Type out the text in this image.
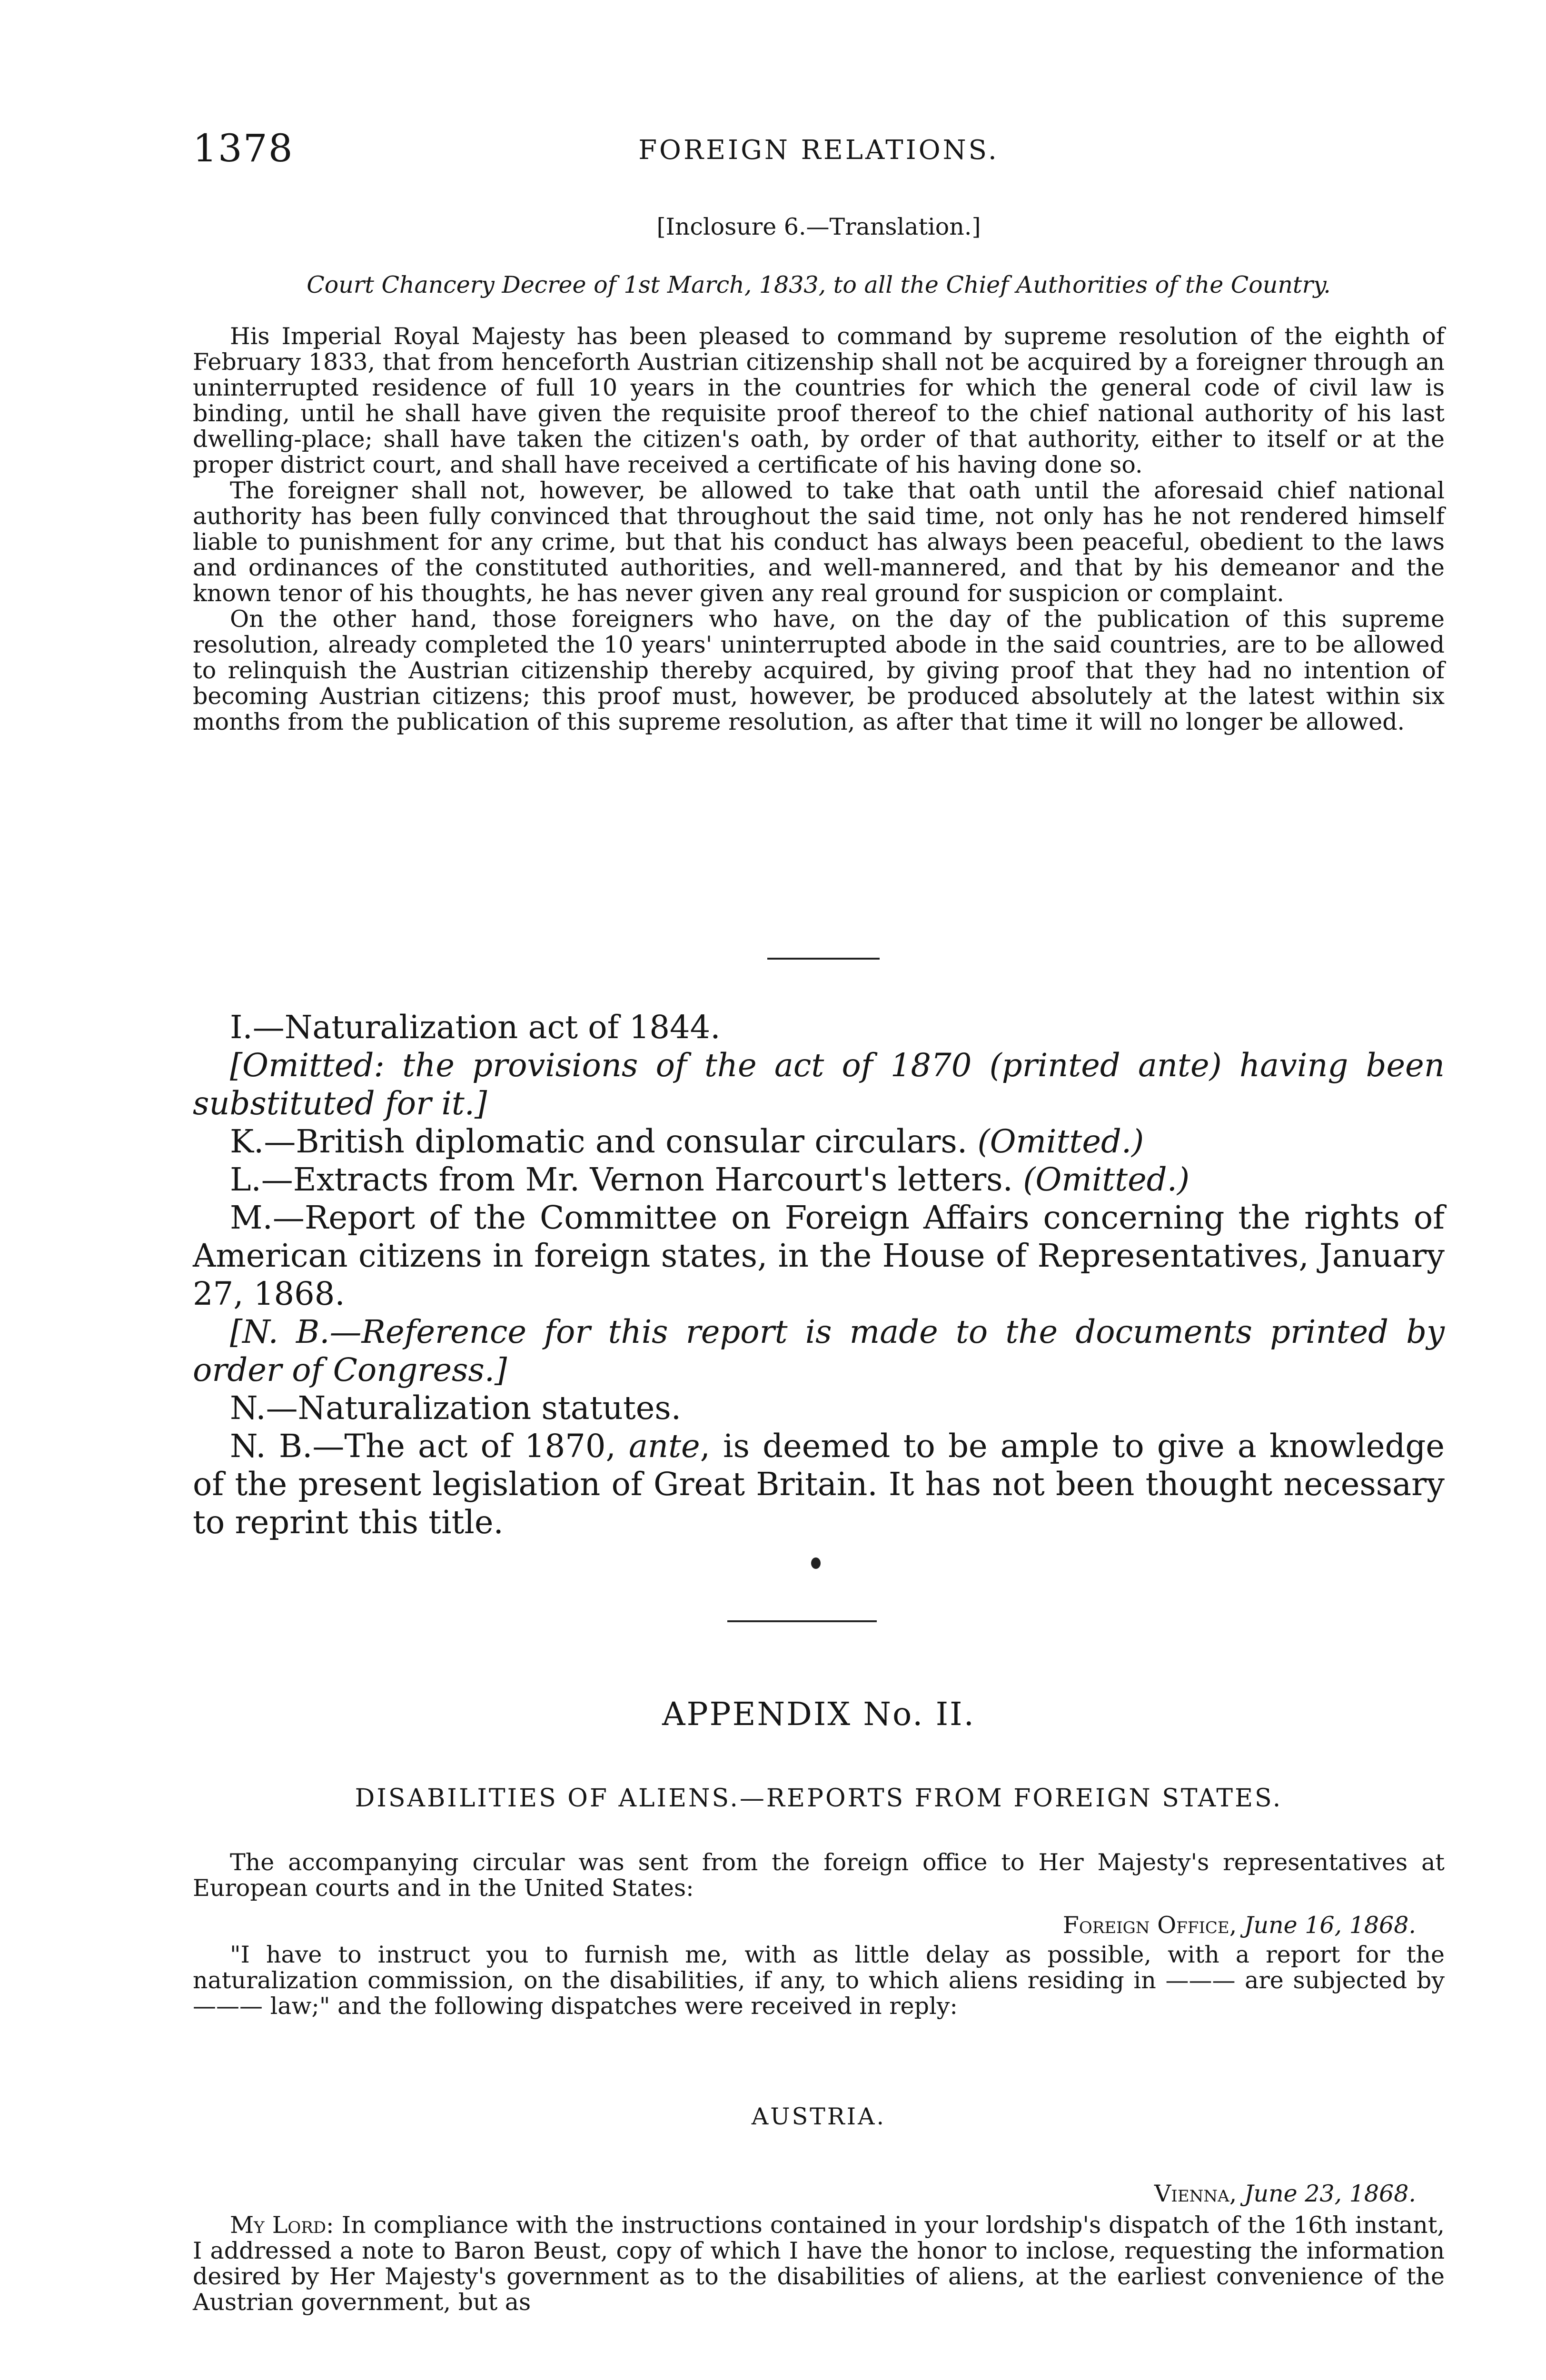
1378	FOREIGN RELATIONS.

[Inclosure 6.—Translation.]

Court Chancery Decree of 1st March, 1833, to all the Chief Authorities of the Country.

His Imperial Royal Majesty has been pleased to command by supreme resolution of the eighth of February 1833, that from henceforth Austrian citizenship shall not be acquired by a foreigner through an uninterrupted residence of full 10 years in the countries for which the general code of civil law is binding, until he shall have given the requisite proof thereof to the chief national authority of his last dwelling-place; shall have taken the citizen's oath, by order of that authority, either to itself or at the proper district court, and shall have received a certificate of his having done so.

The foreigner shall not, however, be allowed to take that oath until the aforesaid chief national authority has been fully convinced that throughout the said time, not only has he not rendered himself liable to punishment for any crime, but that his conduct has always been peaceful, obedient to the laws and ordinances of the constituted authorities, and well-mannered, and that by his demeanor and the known tenor of his thoughts, he has never given any real ground for suspicion or complaint.

On the other hand, those foreigners who have, on the day of the publication of this supreme resolution, already completed the 10 years' uninterrupted abode in the said countries, are to be allowed to relinquish the Austrian citizenship thereby acquired, by giving proof that they had no intention of becoming Austrian citizens; this proof must, however, be produced absolutely at the latest within six months from the publication of this supreme resolution, as after that time it will no longer be allowed.

I.—Naturalization act of 1844.

[Omitted: the provisions of the act of 1870 (printed ante) having been substituted for it.]

K.—British diplomatic and consular circulars. (Omitted.)

L.—Extracts from Mr. Vernon Harcourt's letters. (Omitted.)

M.—Report of the Committee on Foreign Affairs concerning the rights of American citizens in foreign states, in the House of Representatives, January 27, 1868.

[N. B.—Reference for this report is made to the documents printed by order of Congress.]

N.—Naturalization statutes.

N. B.—The act of 1870, ante, is deemed to be ample to give a knowledge of the present legislation of Great Britain. It has not been thought necessary to reprint this title.

APPENDIX No. II.

DISABILITIES OF ALIENS.—REPORTS FROM FOREIGN STATES.

The accompanying circular was sent from the foreign office to Her Majesty's representatives at European courts and in the United States:

Foreign Office, June 16, 1868.

"I have to instruct you to furnish me, with as little delay as possible, with a report for the naturalization commission, on the disabilities, if any, to which aliens residing in ——— are subjected by ——— law;" and the following dispatches were received in reply:

AUSTRIA.

Vienna, June 23, 1868.

My Lord: In compliance with the instructions contained in your lordship's dispatch of the 16th instant, I addressed a note to Baron Beust, copy of which I have the honor to inclose, requesting the information desired by Her Majesty's government as to the disabilities of aliens, at the earliest convenience of the Austrian government, but as
